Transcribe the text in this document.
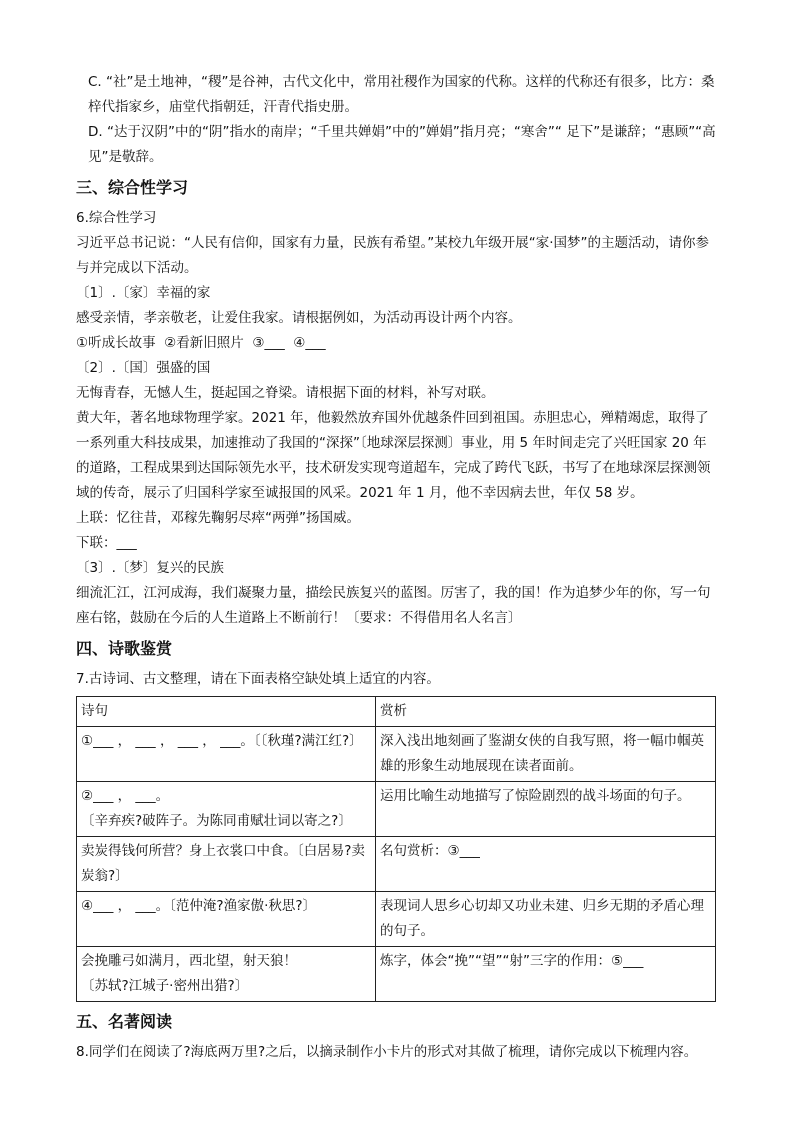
C. “社”是土地神，“稷”是谷神，古代文化中，常用社稷作为国家的代称。这样的代称还有很多，比方：桑梓代指家乡，庙堂代指朝廷，汗青代指史册。

D. “达于汉阴”中的“阴”指水的南岸；“千里共婵娟”中的”婵娟”指月亮；“寒舍”“ 足下”是谦辞；“惠顾”“高见”是敬辞。

三、综合性学习

6.综合性学习

习近平总书记说：“人民有信仰，国家有力量，民族有希望。”某校九年级开展“家·国梦”的主题活动，请你参与并完成以下活动。

〔1〕.〔家〕幸福的家

感受亲情，孝亲敬老，让爱住我家。请根据例如，为活动再设计两个内容。

①听成长故事  ②看新旧照片  ③___  ④___

〔2〕.〔国〕强盛的国

无悔青春，无憾人生，挺起国之脊梁。请根据下面的材料，补写对联。

黄大年，著名地球物理学家。2021 年，他毅然放弃国外优越条件回到祖国。赤胆忠心，殚精竭虑，取得了一系列重大科技成果，加速推动了我国的“深探”〔地球深层探测〕事业，用 5 年时间走完了兴旺国家 20 年的道路，工程成果到达国际领先水平，技术研发实现弯道超车，完成了跨代飞跃，书写了在地球深层探测领域的传奇，展示了归国科学家至诚报国的风采。2021 年 1 月，他不幸因病去世，年仅 58 岁。

上联：忆往昔，邓稼先鞠躬尽瘁“两弹”扬国威。

下联：___

〔3〕.〔梦〕复兴的民族

细流汇江，江河成海，我们凝聚力量，描绘民族复兴的蓝图。厉害了，我的国！作为追梦少年的你，写一句座右铭，鼓励在今后的人生道路上不断前行！〔要求：不得借用名人名言〕

四、诗歌鉴赏

7.古诗词、古文整理，请在下面表格空缺处填上适宜的内容。

诗句	赏析
①___ ， ___ ， ___ ， ___。〔〔秋瑾?满江红?〕	深入浅出地刻画了鉴湖女侠的自我写照，将一幅巾帼英雄的形象生动地展现在读者面前。
②___ ， ___。
〔辛弃疾?破阵子。为陈同甫赋壮词以寄之?〕	运用比喻生动地描写了惊险剧烈的战斗场面的句子。
卖炭得钱何所营？身上衣裳口中食。〔白居易?卖炭翁?〕	名句赏析：③___
④___ ， ___。〔范仲淹?渔家傲·秋思?〕	表现词人思乡心切却又功业未建、归乡无期的矛盾心理的句子。
会挽雕弓如满月，西北望，射天狼！
〔苏轼?江城子·密州出猎?〕	炼字，体会“挽”“望”“射”三字的作用：⑤___
五、名著阅读

8.同学们在阅读了?海底两万里?之后，以摘录制作小卡片的形式对其做了梳理，请你完成以下梳理内容。
